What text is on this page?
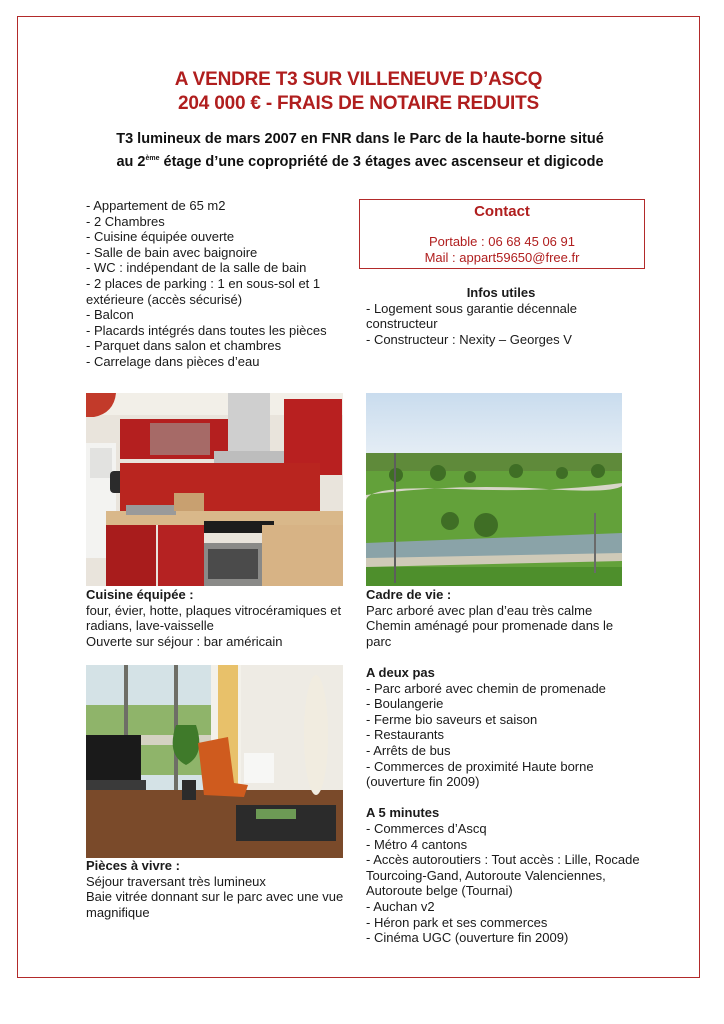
A VENDRE T3 SUR VILLENEUVE D’ASCQ
204 000 € - FRAIS DE NOTAIRE REDUITS
T3 lumineux de mars 2007 en FNR dans le Parc de la haute-borne situé
au 2ème étage d’une copropriété de 3 étages avec ascenseur et digicode
- Appartement de 65 m2
- 2 Chambres
- Cuisine équipée ouverte
- Salle de bain avec baignoire
- WC : indépendant de la salle de bain
- 2 places de parking : 1 en sous-sol et 1 extérieure (accès sécurisé)
- Balcon
- Placards intégrés dans toutes les pièces
- Parquet dans salon et chambres
- Carrelage dans pièces d’eau
Contact
Portable : 06 68 45 06 91
Mail : appart59650@free.fr
Infos utiles
- Logement sous garantie décennale constructeur
- Constructeur : Nexity – Georges V
Cuisine équipée :
four, évier, hotte, plaques vitrocéramiques et radians, lave-vaisselle
Ouverte sur séjour : bar américain
Cadre de vie :
Parc arboré avec plan d’eau très calme
Chemin aménagé pour promenade dans le parc
Pièces à vivre :
Séjour traversant très lumineux
Baie vitrée donnant sur le parc avec une vue magnifique
A deux pas
- Parc arboré avec chemin de promenade
- Boulangerie
- Ferme bio saveurs et saison
- Restaurants
- Arrêts de bus
- Commerces de proximité Haute borne (ouverture fin 2009)
A 5 minutes
- Commerces d’Ascq
- Métro 4 cantons
- Accès autoroutiers : Tout accès : Lille, Rocade Tourcoing-Gand, Autoroute Valenciennes, Autoroute belge (Tournai)
- Auchan v2
- Héron park et ses commerces
- Cinéma UGC (ouverture fin 2009)
